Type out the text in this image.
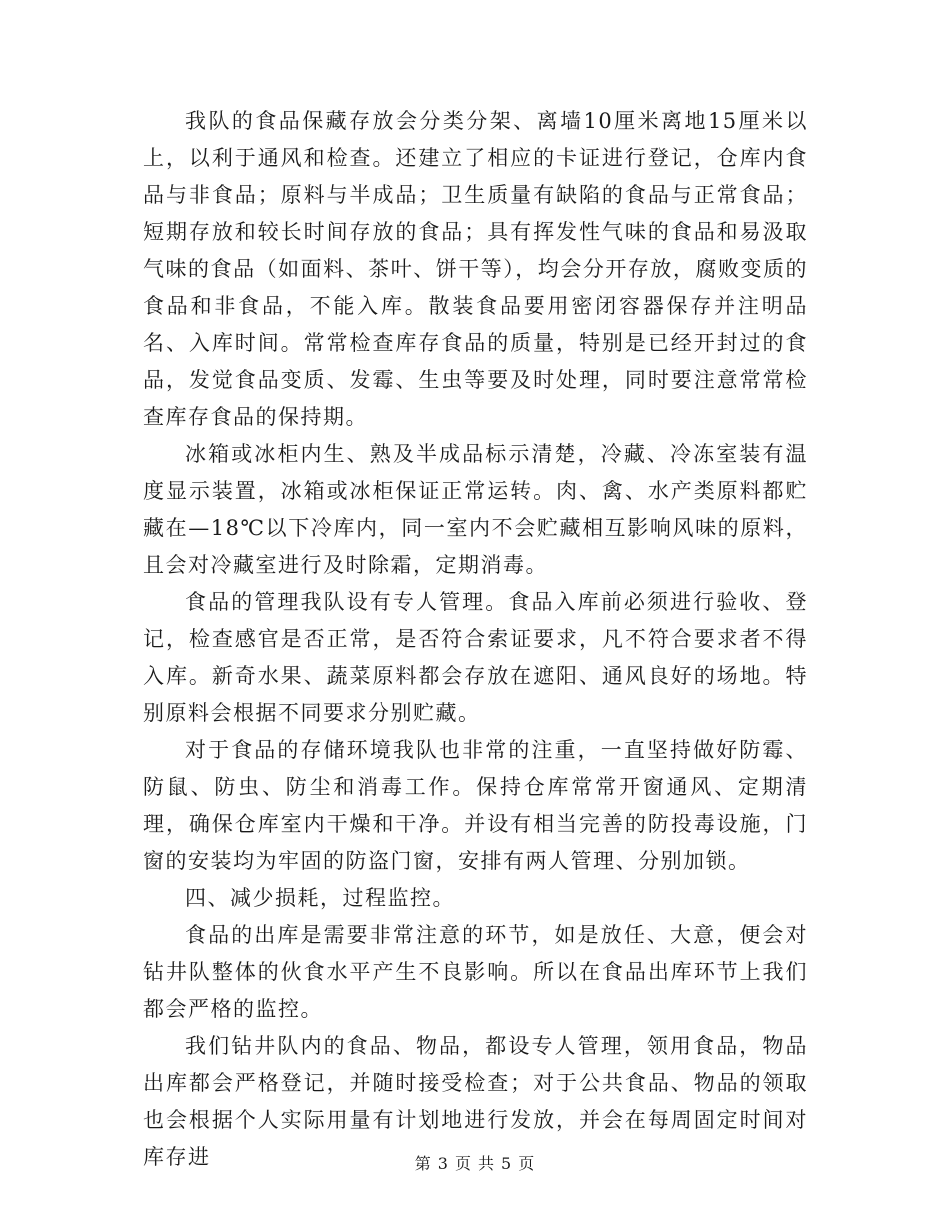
我队的食品保藏存放会分类分架、离墙10厘米离地15厘米以上，以利于通风和检查。还建立了相应的卡证进行登记，仓库内食品与非食品；原料与半成品；卫生质量有缺陷的食品与正常食品；短期存放和较长时间存放的食品；具有挥发性气味的食品和易汲取气味的食品（如面料、茶叶、饼干等），均会分开存放，腐败变质的食品和非食品，不能入库。散装食品要用密闭容器保存并注明品名、入库时间。常常检查库存食品的质量，特别是已经开封过的食品，发觉食品变质、发霉、生虫等要及时处理，同时要注意常常检查库存食品的保持期。

冰箱或冰柜内生、熟及半成品标示清楚，冷藏、冷冻室装有温度显示装置，冰箱或冰柜保证正常运转。肉、禽、水产类原料都贮藏在—18℃以下冷库内，同一室内不会贮藏相互影响风味的原料，且会对冷藏室进行及时除霜，定期消毒。

食品的管理我队设有专人管理。食品入库前必须进行验收、登记，检查感官是否正常，是否符合索证要求，凡不符合要求者不得入库。新奇水果、蔬菜原料都会存放在遮阳、通风良好的场地。特别原料会根据不同要求分别贮藏。

对于食品的存储环境我队也非常的注重，一直坚持做好防霉、防鼠、防虫、防尘和消毒工作。保持仓库常常开窗通风、定期清理，确保仓库室内干燥和干净。并设有相当完善的防投毒设施，门窗的安装均为牢固的防盗门窗，安排有两人管理、分别加锁。

四、减少损耗，过程监控。

食品的出库是需要非常注意的环节，如是放任、大意，便会对钻井队整体的伙食水平产生不良影响。所以在食品出库环节上我们都会严格的监控。

我们钻井队内的食品、物品，都设专人管理，领用食品，物品出库都会严格登记，并随时接受检查；对于公共食品、物品的领取也会根据个人实际用量有计划地进行发放，并会在每周固定时间对库存进	第 3 页 共 5 页
